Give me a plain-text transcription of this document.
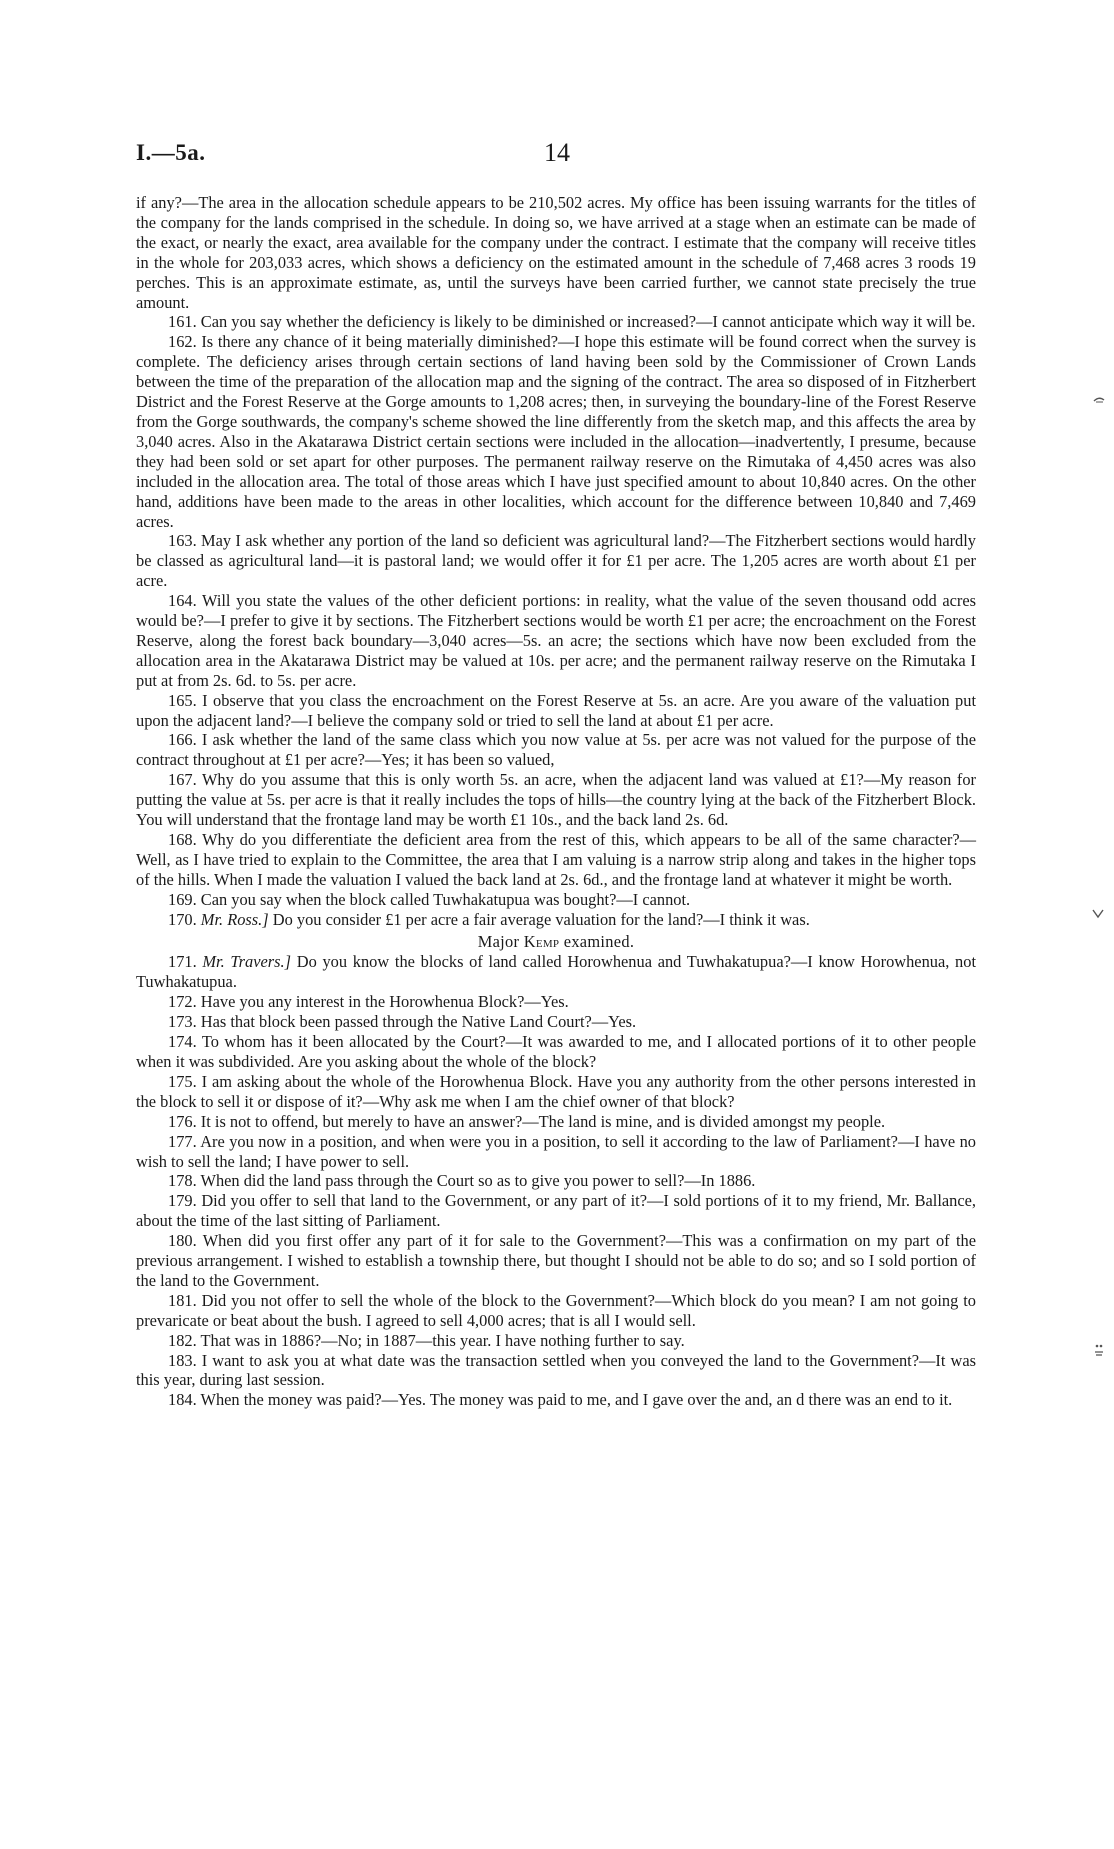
I.—5a.	14

if any?—The area in the allocation schedule appears to be 210,502 acres. My office has been issuing warrants for the titles of the company for the lands comprised in the schedule. In doing so, we have arrived at a stage when an estimate can be made of the exact, or nearly the exact, area available for the company under the contract. I estimate that the company will receive titles in the whole for 203,033 acres, which shows a deficiency on the estimated amount in the schedule of 7,468 acres 3 roods 19 perches. This is an approximate estimate, as, until the surveys have been carried further, we cannot state precisely the true amount.

161. Can you say whether the deficiency is likely to be diminished or increased?—I cannot anticipate which way it will be.

162. Is there any chance of it being materially diminished?—I hope this estimate will be found correct when the survey is complete. The deficiency arises through certain sections of land having been sold by the Commissioner of Crown Lands between the time of the preparation of the allocation map and the signing of the contract. The area so disposed of in Fitzherbert District and the Forest Reserve at the Gorge amounts to 1,208 acres; then, in surveying the boundary-line of the Forest Reserve from the Gorge southwards, the company's scheme showed the line differently from the sketch map, and this affects the area by 3,040 acres. Also in the Akatarawa District certain sections were included in the allocation—inadvertently, I presume, because they had been sold or set apart for other purposes. The permanent railway reserve on the Rimutaka of 4,450 acres was also included in the allocation area. The total of those areas which I have just specified amount to about 10,840 acres. On the other hand, additions have been made to the areas in other localities, which account for the difference between 10,840 and 7,469 acres.

163. May I ask whether any portion of the land so deficient was agricultural land?—The Fitzherbert sections would hardly be classed as agricultural land—it is pastoral land; we would offer it for £1 per acre. The 1,205 acres are worth about £1 per acre.

164. Will you state the values of the other deficient portions: in reality, what the value of the seven thousand odd acres would be?—I prefer to give it by sections. The Fitzherbert sections would be worth £1 per acre; the encroachment on the Forest Reserve, along the forest back boundary—3,040 acres—5s. an acre; the sections which have now been excluded from the allocation area in the Akatarawa District may be valued at 10s. per acre; and the permanent railway reserve on the Rimutaka I put at from 2s. 6d. to 5s. per acre.

165. I observe that you class the encroachment on the Forest Reserve at 5s. an acre. Are you aware of the valuation put upon the adjacent land?—I believe the company sold or tried to sell the land at about £1 per acre.

166. I ask whether the land of the same class which you now value at 5s. per acre was not valued for the purpose of the contract throughout at £1 per acre?—Yes; it has been so valued,

167. Why do you assume that this is only worth 5s. an acre, when the adjacent land was valued at £1?—My reason for putting the value at 5s. per acre is that it really includes the tops of hills—the country lying at the back of the Fitzherbert Block. You will understand that the frontage land may be worth £1 10s., and the back land 2s. 6d.

168. Why do you differentiate the deficient area from the rest of this, which appears to be all of the same character?—Well, as I have tried to explain to the Committee, the area that I am valuing is a narrow strip along and takes in the higher tops of the hills. When I made the valuation I valued the back land at 2s. 6d., and the frontage land at whatever it might be worth.

169. Can you say when the block called Tuwhakatupua was bought?—I cannot.

170. Mr. Ross.] Do you consider £1 per acre a fair average valuation for the land?—I think it was.

Major Kemp examined.

171. Mr. Travers.] Do you know the blocks of land called Horowhenua and Tuwhakatupua?—I know Horowhenua, not Tuwhakatupua.

172. Have you any interest in the Horowhenua Block?—Yes.

173. Has that block been passed through the Native Land Court?—Yes.

174. To whom has it been allocated by the Court?—It was awarded to me, and I allocated portions of it to other people when it was subdivided. Are you asking about the whole of the block?

175. I am asking about the whole of the Horowhenua Block. Have you any authority from the other persons interested in the block to sell it or dispose of it?—Why ask me when I am the chief owner of that block?

176. It is not to offend, but merely to have an answer?—The land is mine, and is divided amongst my people.

177. Are you now in a position, and when were you in a position, to sell it according to the law of Parliament?—I have no wish to sell the land; I have power to sell.

178. When did the land pass through the Court so as to give you power to sell?—In 1886.

179. Did you offer to sell that land to the Government, or any part of it?—I sold portions of it to my friend, Mr. Ballance, about the time of the last sitting of Parliament.

180. When did you first offer any part of it for sale to the Government?—This was a confirmation on my part of the previous arrangement. I wished to establish a township there, but thought I should not be able to do so; and so I sold portion of the land to the Government.

181. Did you not offer to sell the whole of the block to the Government?—Which block do you mean? I am not going to prevaricate or beat about the bush. I agreed to sell 4,000 acres; that is all I would sell.

182. That was in 1886?—No; in 1887—this year. I have nothing further to say.

183. I want to ask you at what date was the transaction settled when you conveyed the land to the Government?—It was this year, during last session.

184. When the money was paid?—Yes. The money was paid to me, and I gave over the and, an d there was an end to it.
